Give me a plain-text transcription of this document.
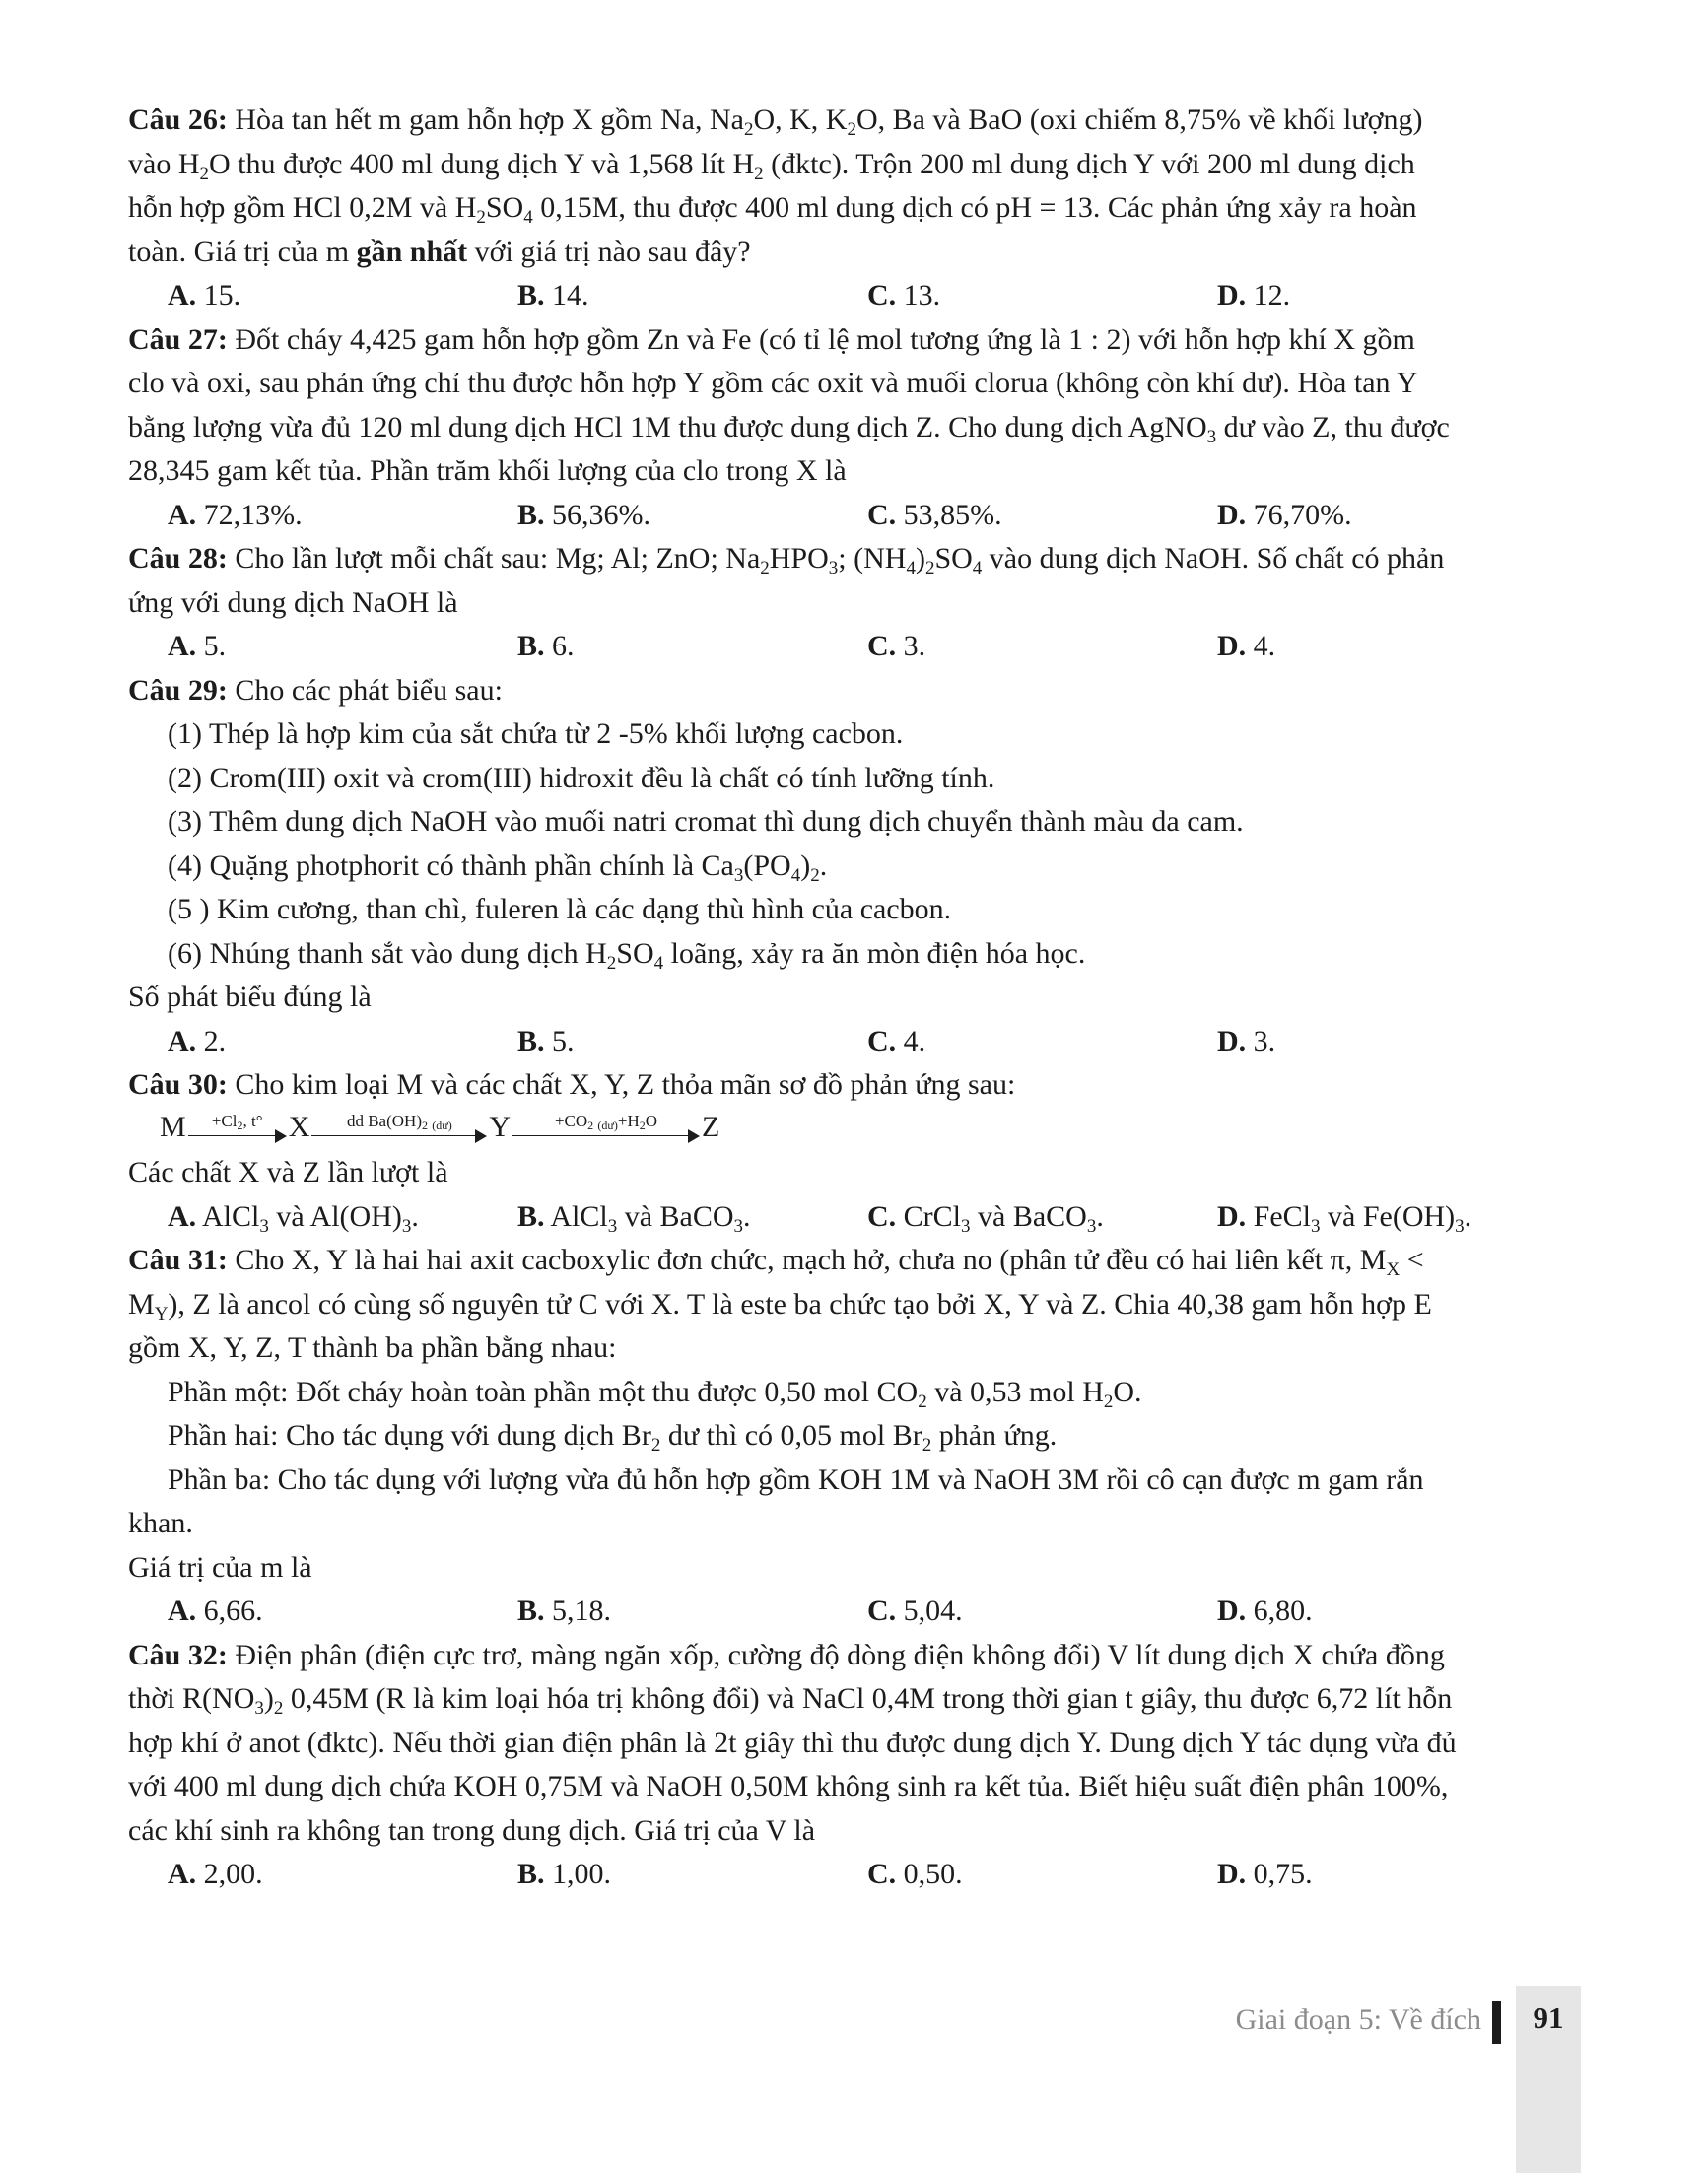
Câu 26: Hòa tan hết m gam hỗn hợp X gồm Na, $Na_2O$, K, $K_2O$, Ba và BaO (oxi chiếm 8,75% về khối lượng)
vào $H_2O$ thu được 400 ml dung dịch Y và 1,568 lít $H_2$ (đktc). Trộn 200 ml dung dịch Y với 200 ml dung dịch
hỗn hợp gồm HCl 0,2M và $H_2SO_4$ 0,15M, thu được 400 ml dung dịch có pH = 13. Các phản ứng xảy ra hoàn
toàn. Giá trị của m gần nhất với giá trị nào sau đây?
A. 15.	B. 14.	C. 13.	D. 12.
Câu 27: Đốt cháy 4,425 gam hỗn hợp gồm Zn và Fe (có tỉ lệ mol tương ứng là 1 : 2) với hỗn hợp khí X gồm
clo và oxi, sau phản ứng chỉ thu được hỗn hợp Y gồm các oxit và muối clorua (không còn khí dư). Hòa tan Y
bằng lượng vừa đủ 120 ml dung dịch HCl 1M thu được dung dịch Z. Cho dung dịch AgNO$_3$ dư vào Z, thu được
28,345 gam kết tủa. Phần trăm khối lượng của clo trong X là
A. 72,13%.	B. 56,36%.	C. 53,85%.	D. 76,70%.
Câu 28: Cho lần lượt mỗi chất sau: Mg; Al; ZnO; $Na_2HPO_3$; $(NH_4)_2SO_4$ vào dung dịch NaOH. Số chất có phản
ứng với dung dịch NaOH là
A. 5.	B. 6.	C. 3.	D. 4.
Câu 29: Cho các phát biểu sau:
(1) Thép là hợp kim của sắt chứa từ 2 -5% khối lượng cacbon.
(2) Crom(III) oxit và crom(III) hidroxit đều là chất có tính lưỡng tính.
(3) Thêm dung dịch NaOH vào muối natri cromat thì dung dịch chuyển thành màu da cam.
(4) Quặng photphorit có thành phần chính là $Ca_3(PO_4)_2$.
(5 ) Kim cương, than chì, fuleren là các dạng thù hình của cacbon.
(6) Nhúng thanh sắt vào dung dịch $H_2SO_4$ loãng, xảy ra ăn mòn điện hóa học.
Số phát biểu đúng là
A. 2.	B. 5.	C. 4.	D. 3.
Câu 30: Cho kim loại M và các chất X, Y, Z thỏa mãn sơ đồ phản ứng sau:
M	$+Cl_2$, t° X	dd $Ba(OH)_2$ $_{(dư)}$	Y	$+CO_2$ $_{(dư)}+H_2O$	Z
Các chất X và Z lần lượt là
A. AlCl$_3$ và $Al(OH)_3$.	B. AlCl$_3$ và BaCO$_3$.	C. CrCl$_3$ và BaCO$_3$.	D. FeCl$_3$ và $Fe(OH)_3$.
Câu 31: Cho X, Y là hai hai axit cacboxylic đơn chức, mạch hở, chưa no (phân tử đều có hai liên kết π, $M_X$ <
$M_Y$), Z là ancol có cùng số nguyên tử C với X. T là este ba chức tạo bởi X, Y và Z. Chia 40,38 gam hỗn hợp E
gồm X, Y, Z, T thành ba phần bằng nhau:
Phần một: Đốt cháy hoàn toàn phần một thu được 0,50 mol $CO_2$ và 0,53 mol $H_2O$.
Phần hai: Cho tác dụng với dung dịch $Br_2$ dư thì có 0,05 mol $Br_2$ phản ứng.
Phần ba: Cho tác dụng với lượng vừa đủ hỗn hợp gồm KOH 1M và NaOH 3M rồi cô cạn được m gam rắn
khan.
Giá trị của m là
A. 6,66.	B. 5,18.	C. 5,04.	D. 6,80.
Câu 32: Điện phân (điện cực trơ, màng ngăn xốp, cường độ dòng điện không đổi) V lít dung dịch X chứa đồng
thời $R(NO_3)_2$ 0,45M (R là kim loại hóa trị không đổi) và NaCl 0,4M trong thời gian t giây, thu được 6,72 lít hỗn
hợp khí ở anot (đktc). Nếu thời gian điện phân là 2t giây thì thu được dung dịch Y. Dung dịch Y tác dụng vừa đủ
với 400 ml dung dịch chứa KOH 0,75M và NaOH 0,50M không sinh ra kết tủa. Biết hiệu suất điện phân 100%,
các khí sinh ra không tan trong dung dịch. Giá trị của V là
A. 2,00.	B. 1,00.	C. 0,50.	D. 0,75.
Giai đoạn 5: Về đích	91
